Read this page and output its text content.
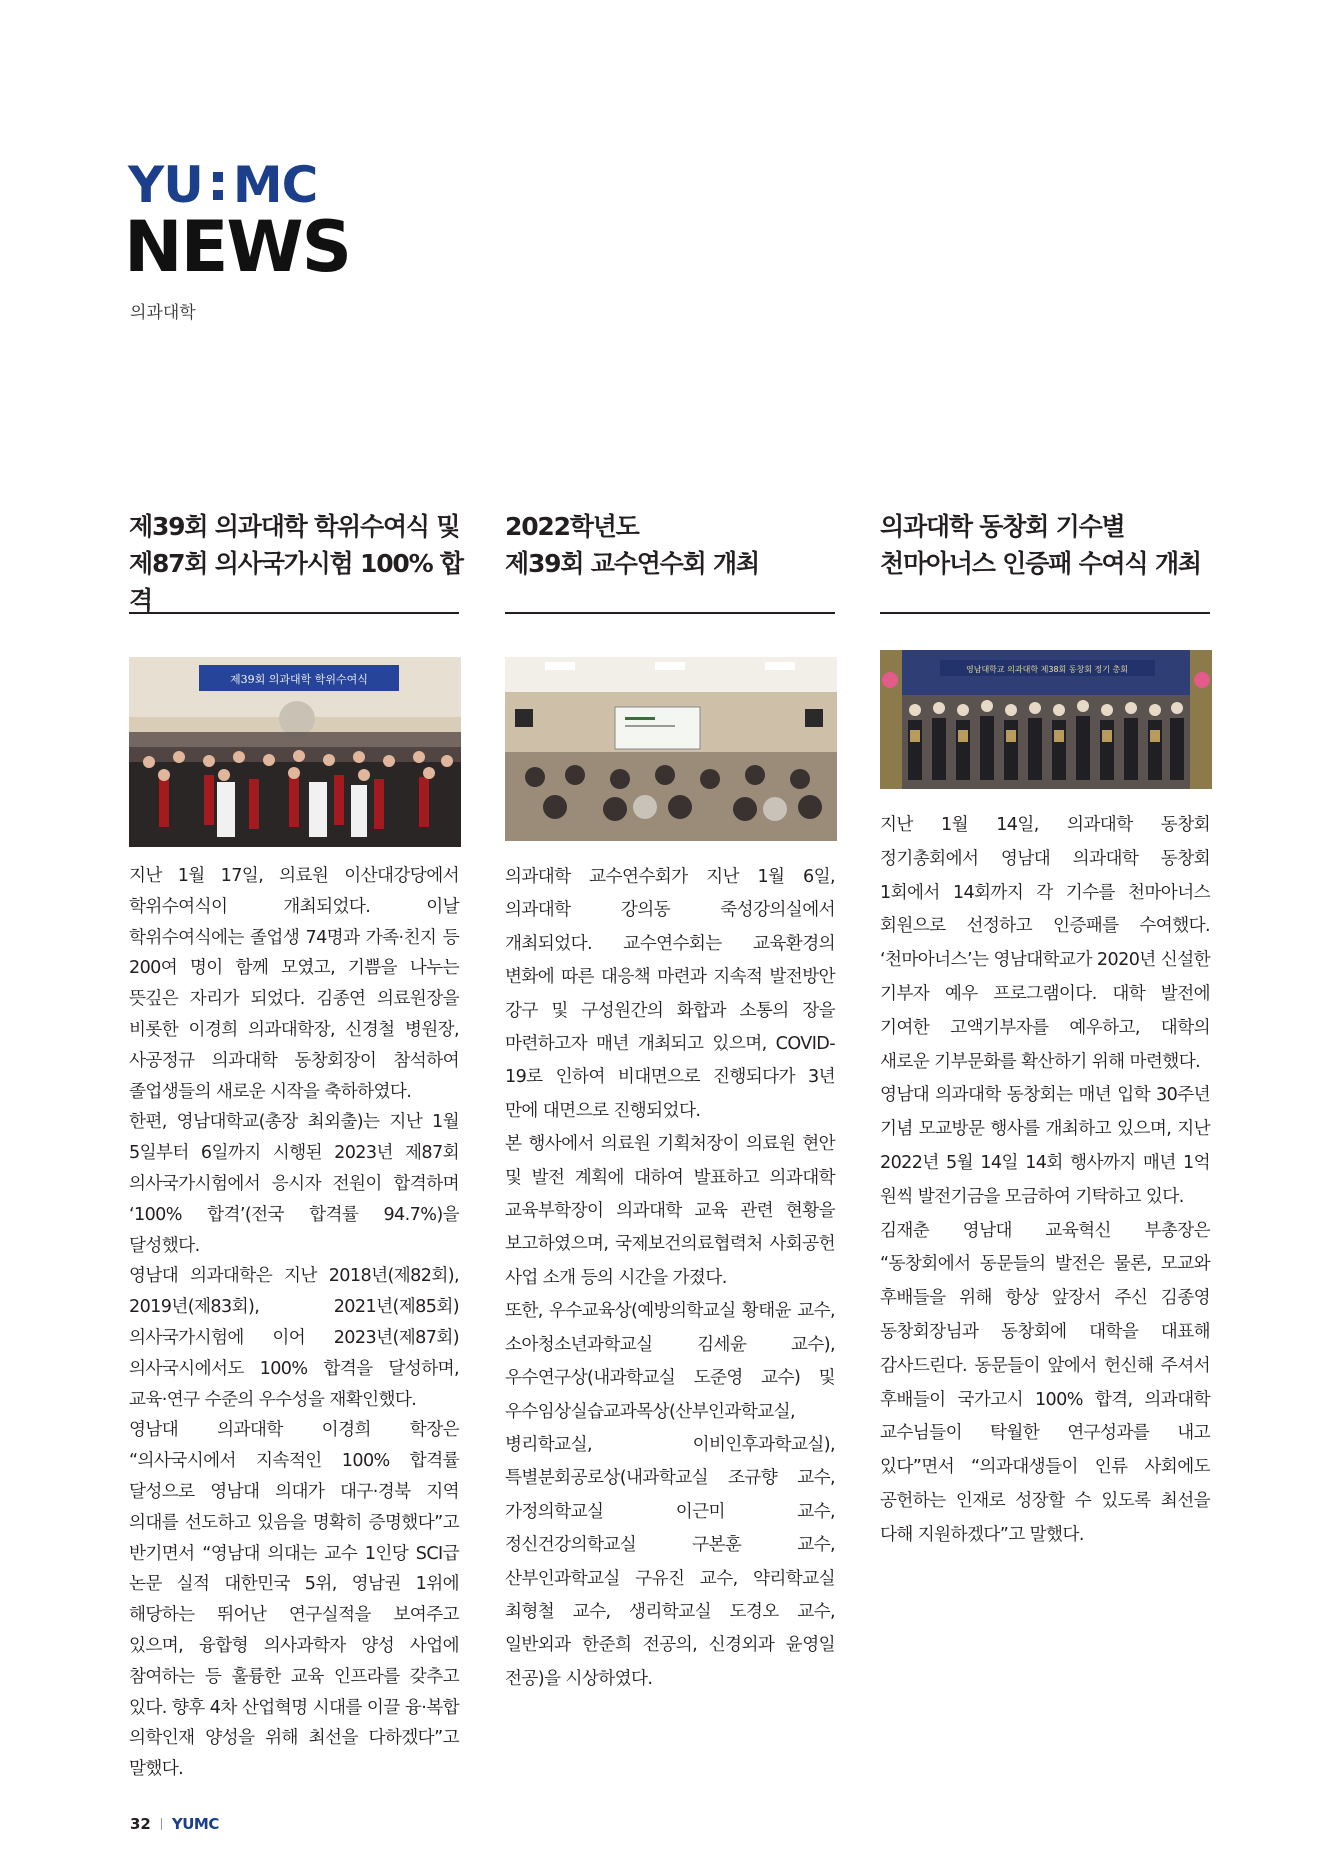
YU MC
NEWS
의과대학
제39회 의과대학 학위수여식 및
제87회 의사국가시험 100% 합격
제39회 의과대학 학위수여식

지난 1월 17일, 의료원 이산대강당에서 학위수여식이 개최되었다. 이날 학위수여식에는 졸업생 74명과 가족·친지 등 200여 명이 함께 모였고, 기쁨을 나누는 뜻깊은 자리가 되었다. 김종연 의료원장을 비롯한 이경희 의과대학장, 신경철 병원장, 사공정규 의과대학 동창회장이 참석하여 졸업생들의 새로운 시작을 축하하였다.

한편, 영남대학교(총장 최외출)는 지난 1월 5일부터 6일까지 시행된 2023년 제87회 의사국가시험에서 응시자 전원이 합격하며 ‘100% 합격’(전국 합격률 94.7%)을 달성했다.

영남대 의과대학은 지난 2018년(제82회), 2019년(제83회), 2021년(제85회) 의사국가시험에 이어 2023년(제87회) 의사국시에서도 100% 합격을 달성하며, 교육·연구 수준의 우수성을 재확인했다.

영남대 의과대학 이경희 학장은 “의사국시에서 지속적인 100% 합격률 달성으로 영남대 의대가 대구·경북 지역 의대를 선도하고 있음을 명확히 증명했다”고 반기면서 “영남대 의대는 교수 1인당 SCI급 논문 실적 대한민국 5위, 영남권 1위에 해당하는 뛰어난 연구실적을 보여주고 있으며, 융합형 의사과학자 양성 사업에 참여하는 등 훌륭한 교육 인프라를 갖추고 있다. 향후 4차 산업혁명 시대를 이끌 융·복합 의학인재 양성을 위해 최선을 다하겠다”고 말했다.

2022학년도
제39회 교수연수회 개최

의과대학 교수연수회가 지난 1월 6일, 의과대학 강의동 죽성강의실에서 개최되었다. 교수연수회는 교육환경의 변화에 따른 대응책 마련과 지속적 발전방안 강구 및 구성원간의 화합과 소통의 장을 마련하고자 매년 개최되고 있으며, COVID-19로 인하여 비대면으로 진행되다가 3년 만에 대면으로 진행되었다.

본 행사에서 의료원 기획처장이 의료원 현안 및 발전 계획에 대하여 발표하고 의과대학 교육부학장이 의과대학 교육 관련 현황을 보고하였으며, 국제보건의료협력처 사회공헌 사업 소개 등의 시간을 가졌다.

또한, 우수교육상(예방의학교실 황태윤 교수, 소아청소년과학교실 김세윤 교수), 우수연구상(내과학교실 도준영 교수) 및 우수임상실습교과목상(산부인과학교실, 병리학교실, 이비인후과학교실), 특별분회공로상(내과학교실 조규향 교수, 가정의학교실 이근미 교수, 정신건강의학교실 구본훈 교수, 산부인과학교실 구유진 교수, 약리학교실 최형철 교수, 생리학교실 도경오 교수, 일반외과 한준희 전공의, 신경외과 윤영일 전공)을 시상하였다.

의과대학 동창회 기수별
천마아너스 인증패 수여식 개최
영남대학교 의과대학 제38회 동창회 정기 총회

지난 1월 14일, 의과대학 동창회 정기총회에서 영남대 의과대학 동창회 1회에서 14회까지 각 기수를 천마아너스 회원으로 선정하고 인증패를 수여했다. ‘천마아너스’는 영남대학교가 2020년 신설한 기부자 예우 프로그램이다. 대학 발전에 기여한 고액기부자를 예우하고, 대학의 새로운 기부문화를 확산하기 위해 마련했다.

영남대 의과대학 동창회는 매년 입학 30주년 기념 모교방문 행사를 개최하고 있으며, 지난 2022년 5월 14일 14회 행사까지 매년 1억 원씩 발전기금을 모금하여 기탁하고 있다.

김재춘 영남대 교육혁신 부총장은 “동창회에서 동문들의 발전은 물론, 모교와 후배들을 위해 항상 앞장서 주신 김종영 동창회장님과 동창회에 대학을 대표해 감사드린다. 동문들이 앞에서 헌신해 주셔서 후배들이 국가고시 100% 합격, 의과대학 교수님들이 탁월한 연구성과를 내고 있다”면서 “의과대생들이 인류 사회에도 공헌하는 인재로 성장할 수 있도록 최선을 다해 지원하겠다”고 말했다.

32 YUMC
